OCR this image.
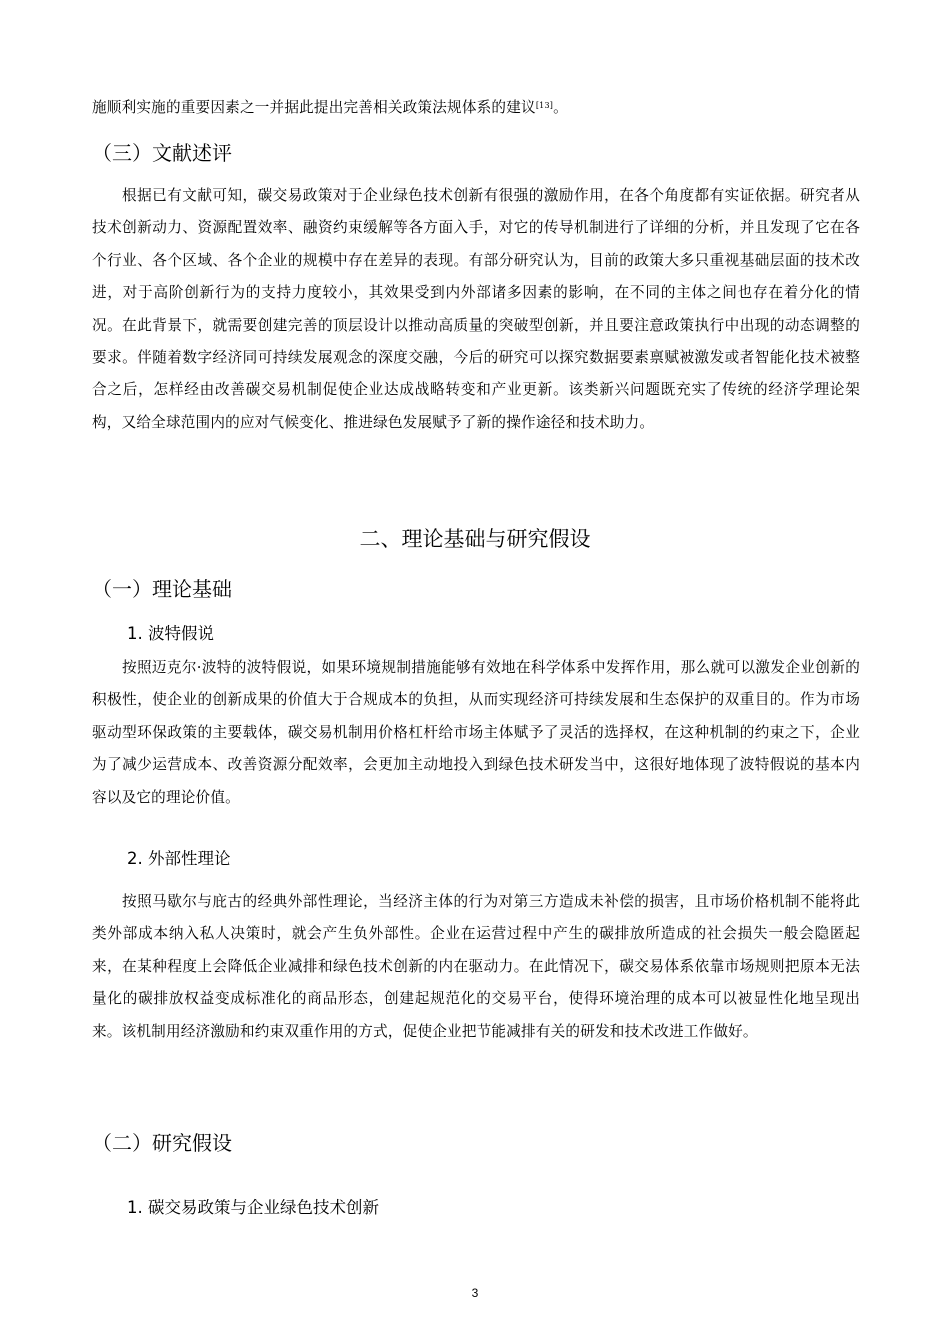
施顺利实施的重要因素之一并据此提出完善相关政策法规体系的建议[13]。

（三）文献述评

根据已有文献可知，碳交易政策对于企业绿色技术创新有很强的激励作用，在各个角度都有实证依据。研究者从技术创新动力、资源配置效率、融资约束缓解等各方面入手，对它的传导机制进行了详细的分析，并且发现了它在各个行业、各个区域、各个企业的规模中存在差异的表现。有部分研究认为，目前的政策大多只重视基础层面的技术改进，对于高阶创新行为的支持力度较小，其效果受到内外部诸多因素的影响，在不同的主体之间也存在着分化的情况。在此背景下，就需要创建完善的顶层设计以推动高质量的突破型创新，并且要注意政策执行中出现的动态调整的要求。伴随着数字经济同可持续发展观念的深度交融，今后的研究可以探究数据要素禀赋被激发或者智能化技术被整合之后，怎样经由改善碳交易机制促使企业达成战略转变和产业更新。该类新兴问题既充实了传统的经济学理论架构，又给全球范围内的应对气候变化、推进绿色发展赋予了新的操作途径和技术助力。

二、理论基础与研究假设
（一）理论基础
1. 波特假说

按照迈克尔·波特的波特假说，如果环境规制措施能够有效地在科学体系中发挥作用，那么就可以激发企业创新的积极性，使企业的创新成果的价值大于合规成本的负担，从而实现经济可持续发展和生态保护的双重目的。作为市场驱动型环保政策的主要载体，碳交易机制用价格杠杆给市场主体赋予了灵活的选择权，在这种机制的约束之下，企业为了减少运营成本、改善资源分配效率，会更加主动地投入到绿色技术研发当中，这很好地体现了波特假说的基本内容以及它的理论价值。

2. 外部性理论

按照马歇尔与庇古的经典外部性理论，当经济主体的行为对第三方造成未补偿的损害，且市场价格机制不能将此类外部成本纳入私人决策时，就会产生负外部性。企业在运营过程中产生的碳排放所造成的社会损失一般会隐匿起来，在某种程度上会降低企业减排和绿色技术创新的内在驱动力。在此情况下，碳交易体系依靠市场规则把原本无法量化的碳排放权益变成标准化的商品形态，创建起规范化的交易平台，使得环境治理的成本可以被显性化地呈现出来。该机制用经济激励和约束双重作用的方式，促使企业把节能减排有关的研发和技术改进工作做好。

（二）研究假设
1. 碳交易政策与企业绿色技术创新
3
